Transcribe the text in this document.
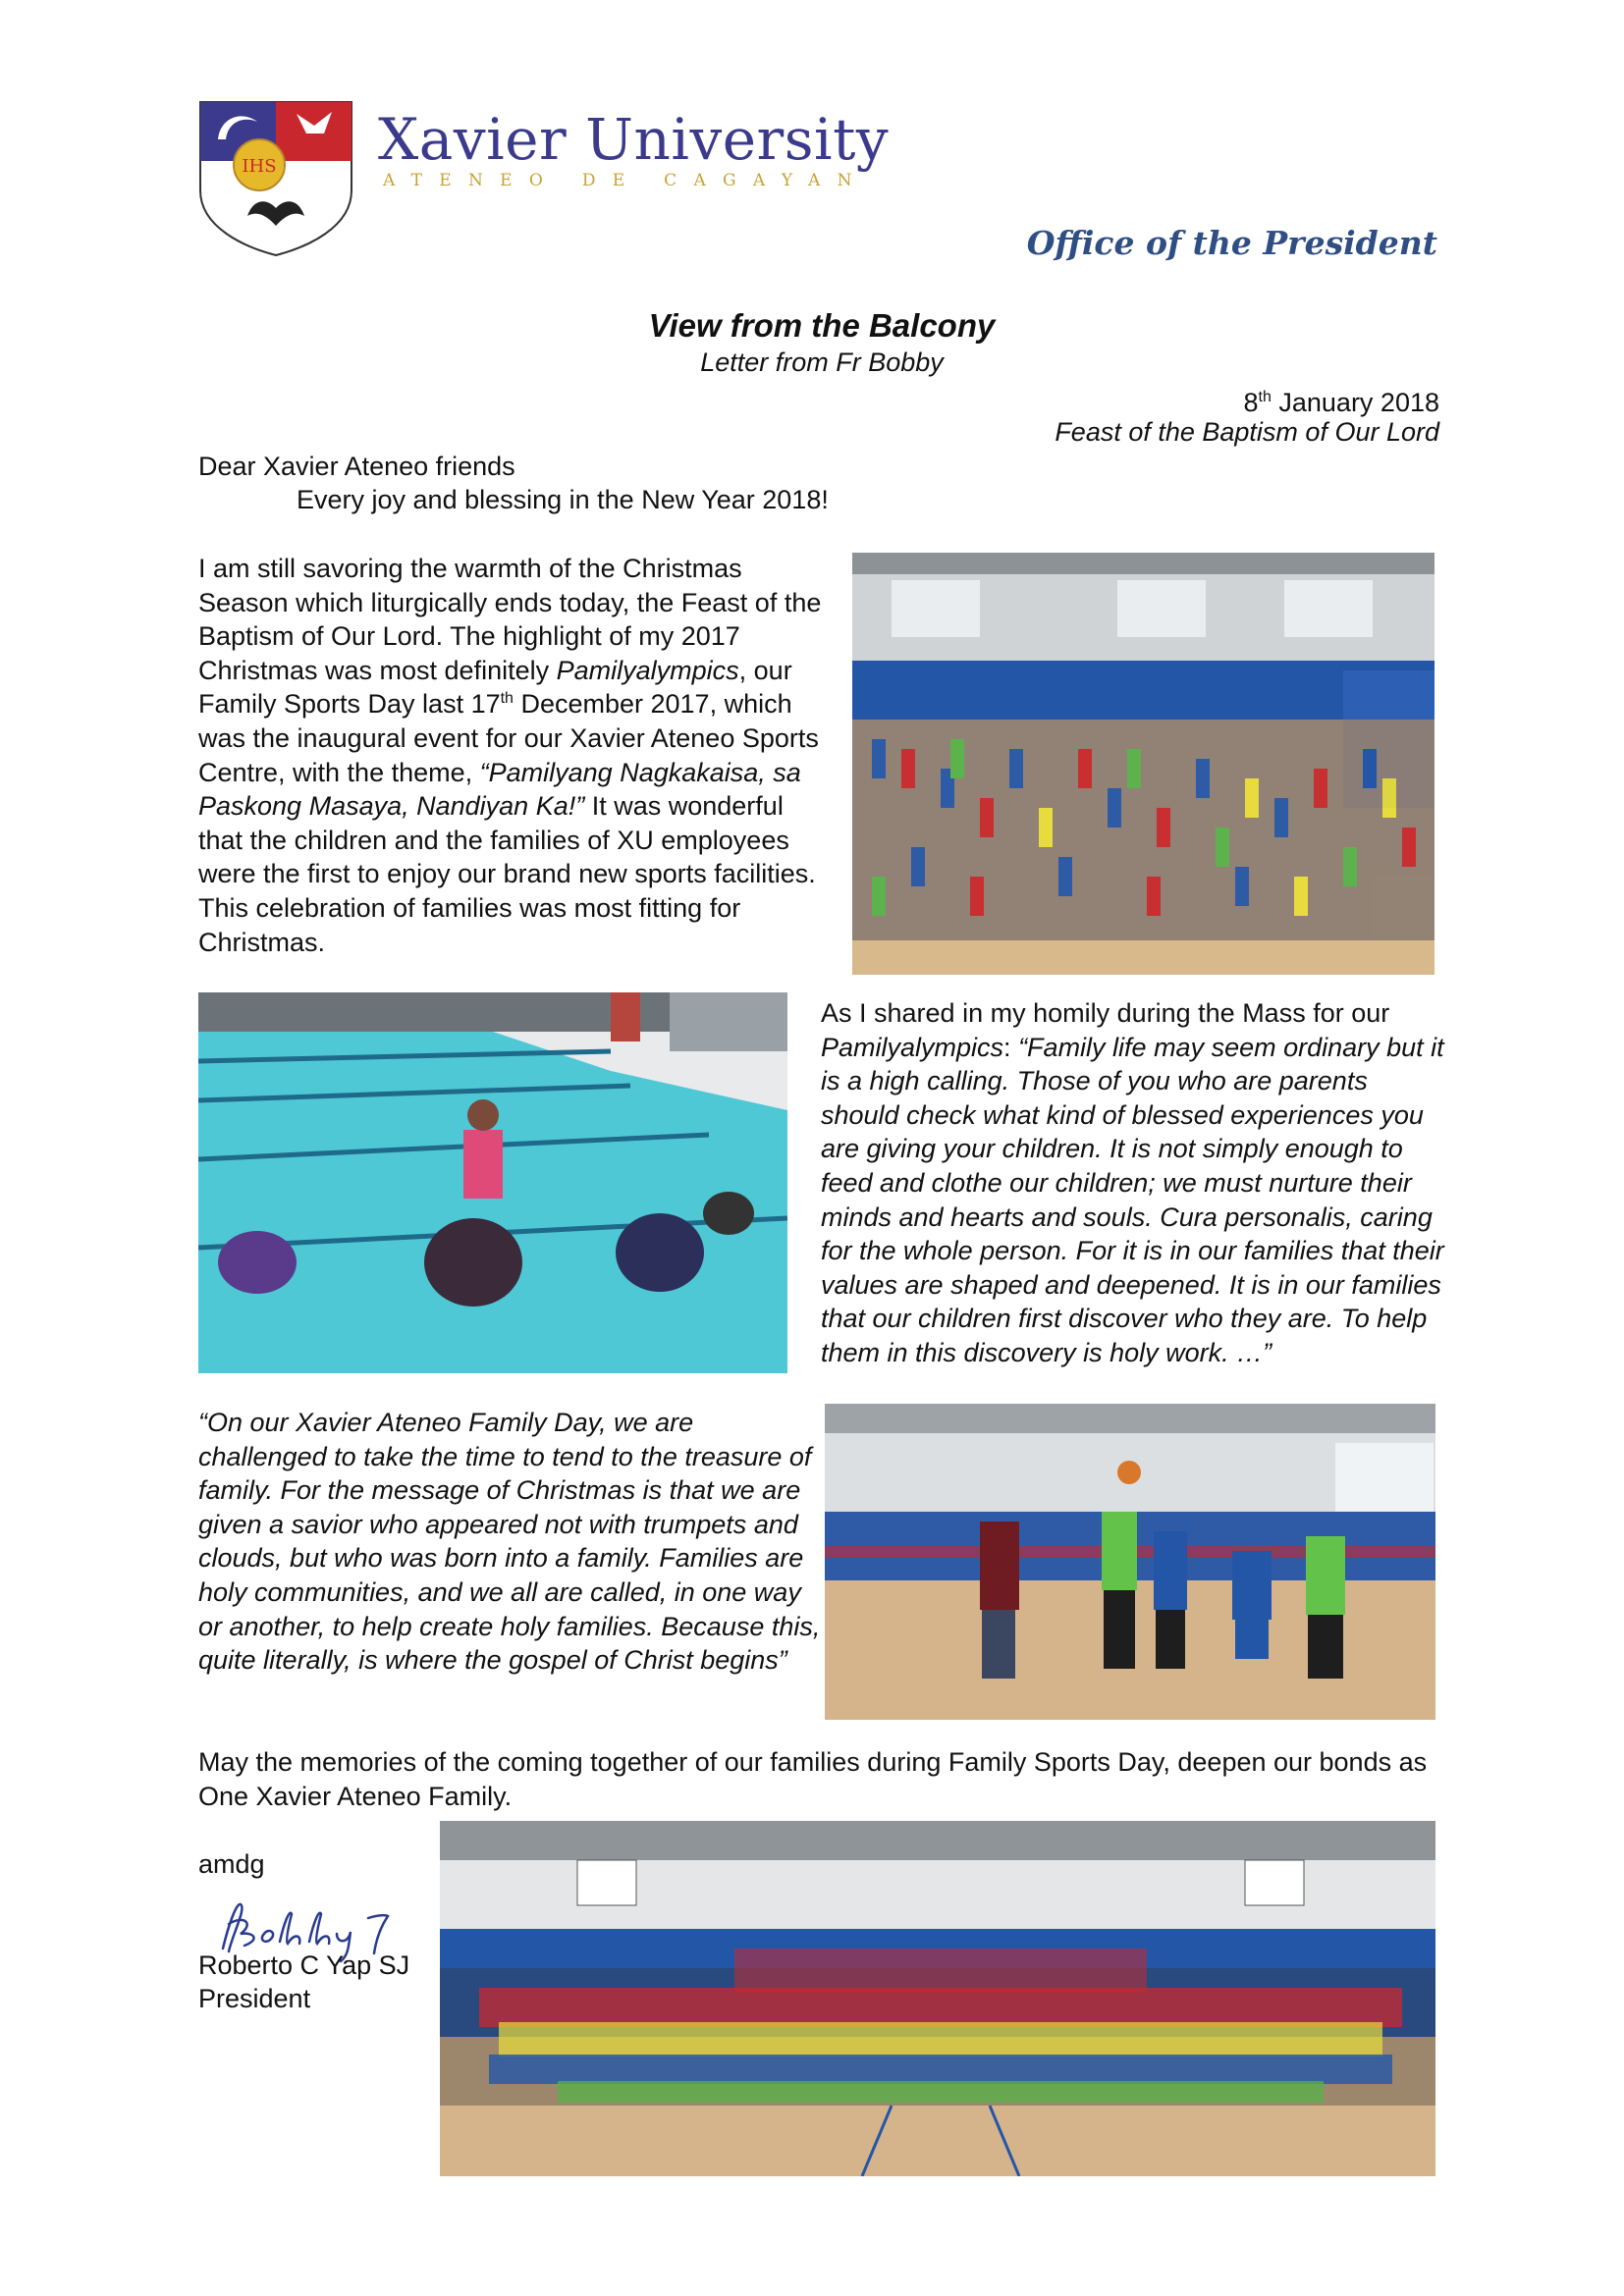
IHS Xavier University
ATENEO DE CAGAYAN
Office of the President
View from the Balcony
Letter from Fr Bobby
8th January 2018
Feast of the Baptism of Our Lord
Dear Xavier Ateneo friends
Every joy and blessing in the New Year 2018!

I am still savoring the warmth of the Christmas Season which liturgically ends today, the Feast of the Baptism of Our Lord. The highlight of my 2017 Christmas was most definitely Pamilyalympics, our Family Sports Day last 17th December 2017, which was the inaugural event for our Xavier Ateneo Sports Centre, with the theme, “Pamilyang Nagkakaisa, sa Paskong Masaya, Nandiyan Ka!” It was wonderful that the children and the families of XU employees were the first to enjoy our brand new sports facilities. This celebration of families was most fitting for Christmas.

As I shared in my homily during the Mass for our Pamilyalympics: “Family life may seem ordinary but it is a high calling. Those of you who are parents should check what kind of blessed experiences you are giving your children. It is not simply enough to feed and clothe our children; we must nurture their minds and hearts and souls. Cura personalis, caring for the whole person. For it is in our families that their values are shaped and deepened. It is in our families that our children first discover who they are. To help them in this discovery is holy work. …”

“On our Xavier Ateneo Family Day, we are challenged to take the time to tend to the treasure of family. For the message of Christmas is that we are given a savior who appeared not with trumpets and clouds, but who was born into a family. Families are holy communities, and we all are called, in one way or another, to help create holy families. Because this, quite literally, is where the gospel of Christ begins”

May the memories of the coming together of our families during Family Sports Day, deepen our bonds as One Xavier Ateneo Family.

amdg
Roberto C Yap SJ
President
